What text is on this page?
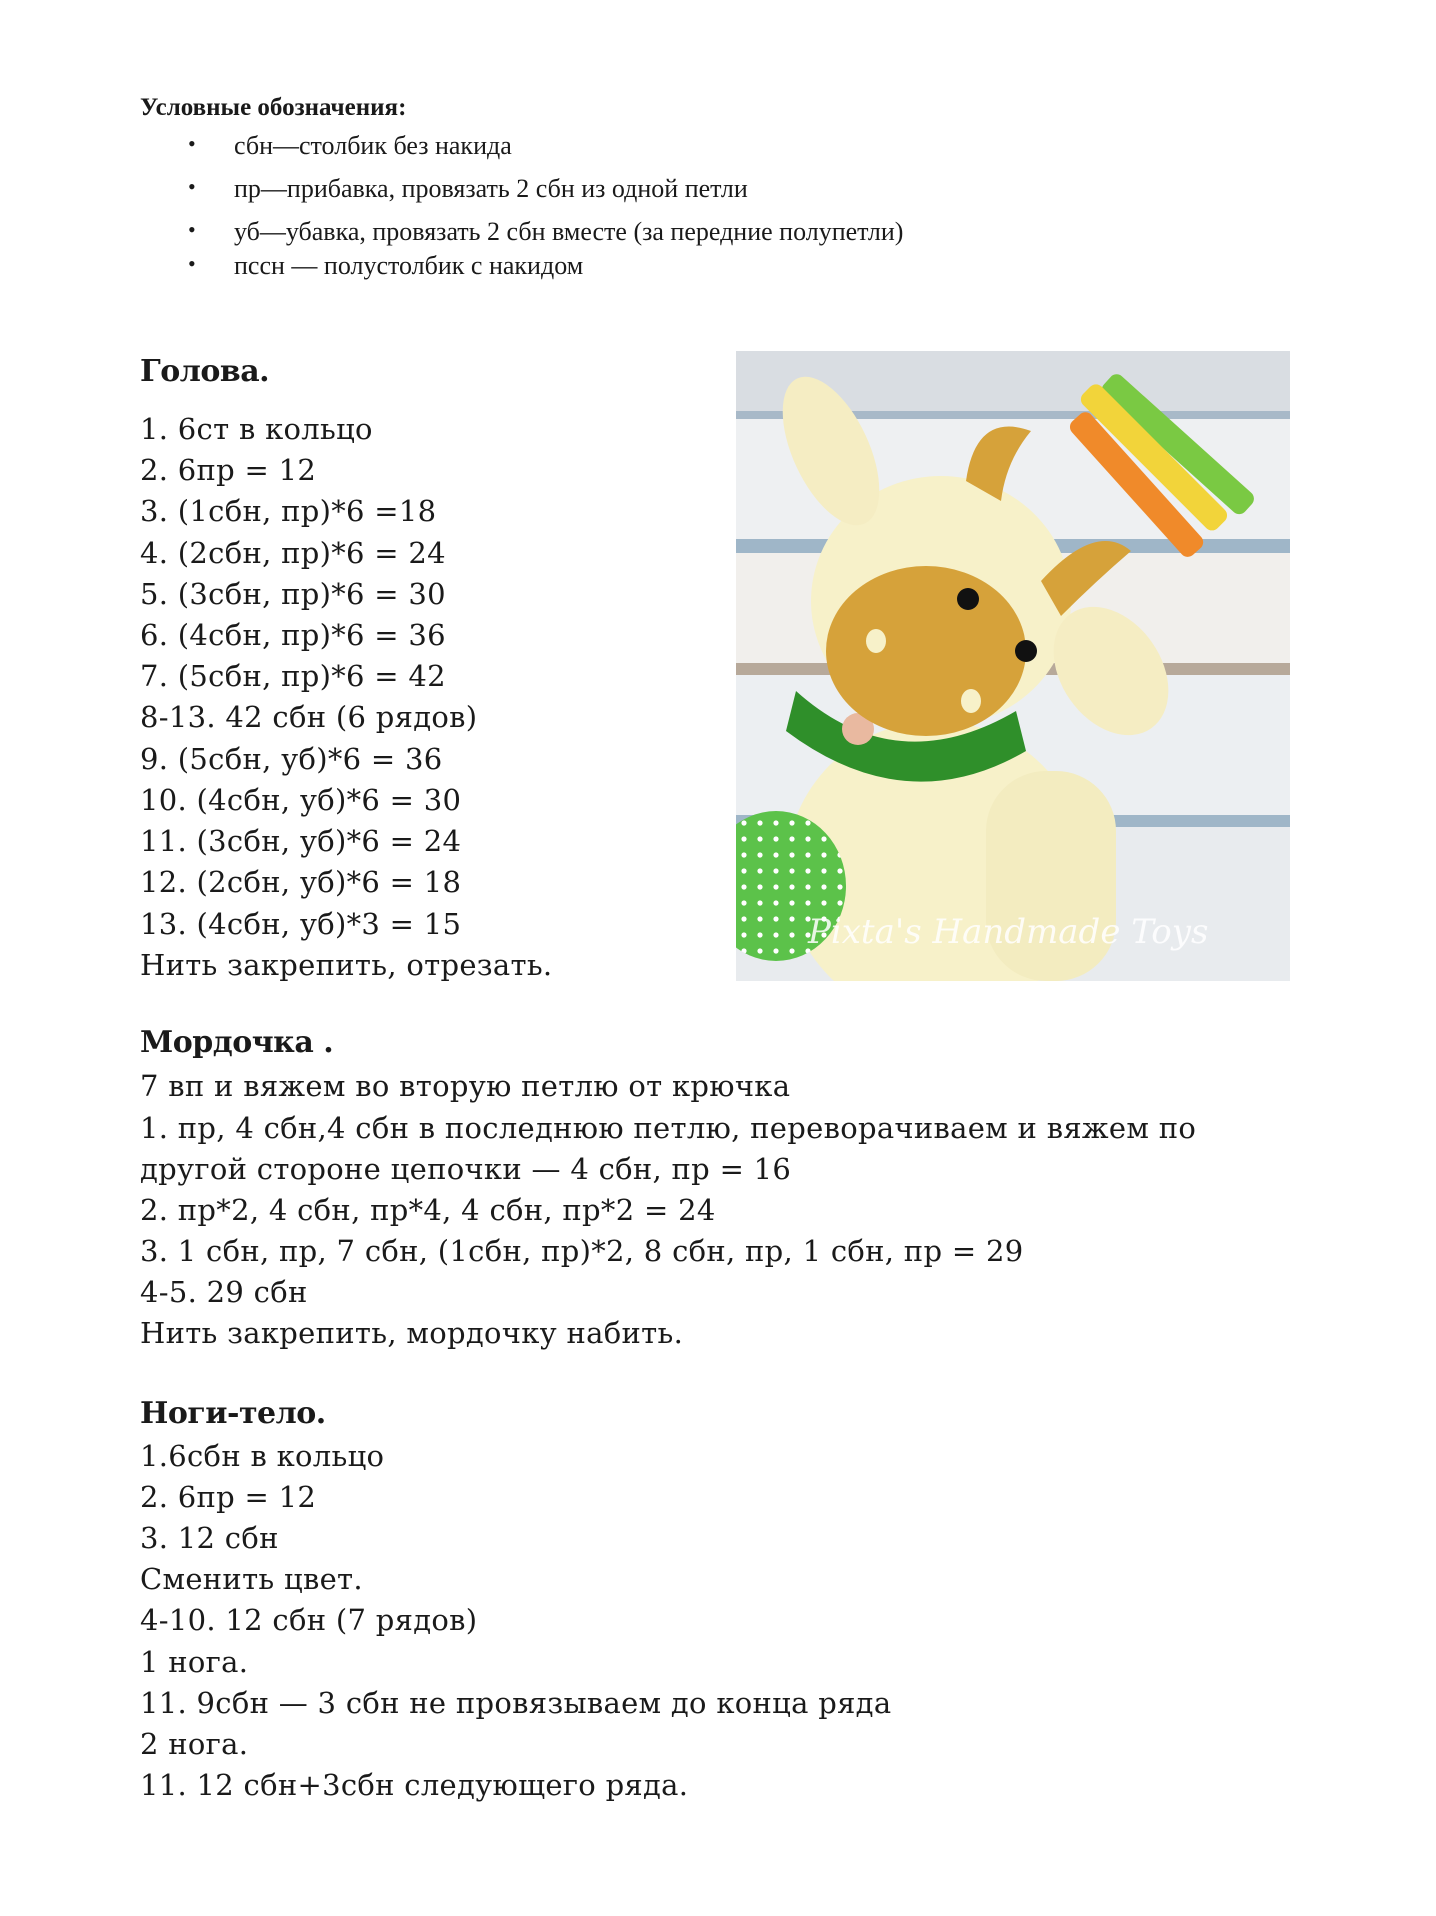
Условные обозначения:
• сбн—столбик без накида
• пр—прибавка, провязать 2 сбн из одной петли
• уб—убавка, провязать 2 сбн вместе (за передние полупетли)
• пссн — полустолбик с накидом
Голова.
1. 6ст в кольцо
2. 6пр = 12
3. (1сбн, пр)*6 =18
4. (2сбн, пр)*6 = 24
5. (3сбн, пр)*6 = 30
6. (4сбн, пр)*6 = 36
7. (5сбн, пр)*6 = 42
8-13. 42 сбн (6 рядов)
9. (5сбн, уб)*6 = 36
10. (4сбн, уб)*6 = 30
11. (3сбн, уб)*6 = 24
12. (2сбн, уб)*6 = 18
13. (4сбн, уб)*3 = 15
Нить закрепить, отрезать.
Pixta's Handmade Toys
Мордочка .
7 вп и вяжем во вторую петлю от крючка
1. пр, 4 сбн,4 сбн в последнюю петлю, переворачиваем и вяжем по
другой стороне цепочки — 4 сбн, пр = 16
2. пр*2, 4 сбн, пр*4, 4 сбн, пр*2 = 24
3. 1 сбн, пр, 7 сбн, (1сбн, пр)*2, 8 сбн, пр, 1 сбн, пр = 29
4-5. 29 сбн
Нить закрепить, мордочку набить.
Ноги-тело.
1.6сбн в кольцо
2. 6пр = 12
3. 12 сбн
Сменить цвет.
4-10. 12 сбн (7 рядов)
1 нога.
11. 9сбн — 3 сбн не провязываем до конца ряда
2 нога.
11. 12 сбн+3сбн следующего ряда.
